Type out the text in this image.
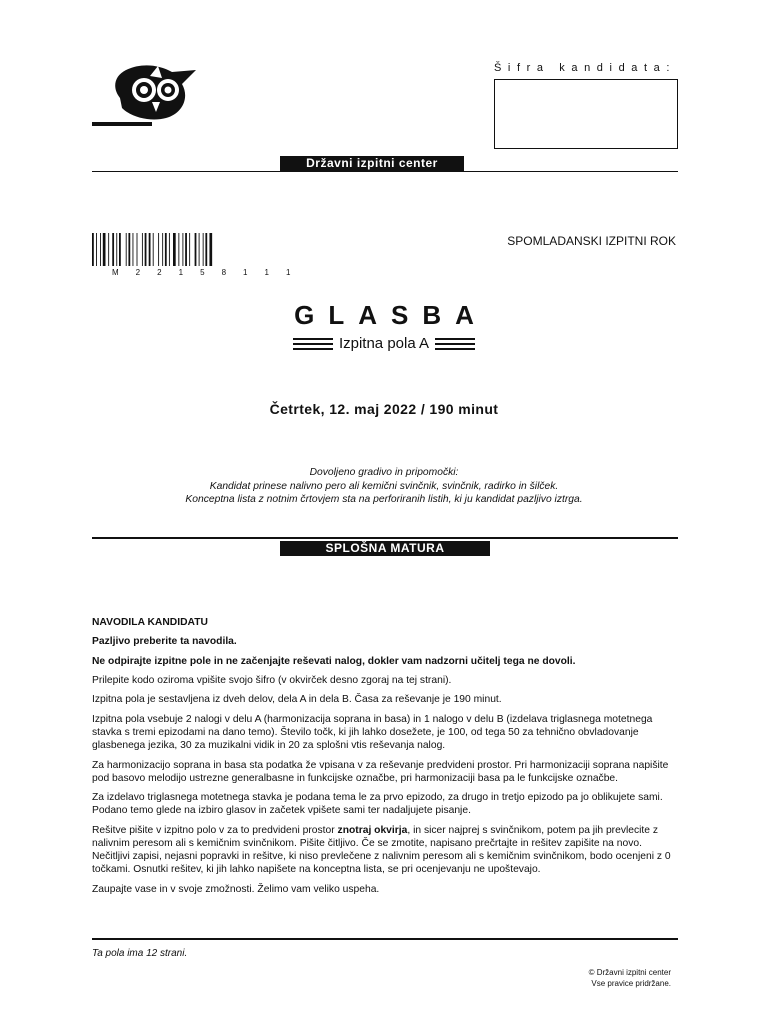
Šifra kandidata:
Državni izpitni center
M 2 2 1 5 8 1 1 1
SPOMLADANSKI IZPITNI ROK
GLASBA
Izpitna pola A
Četrtek, 12. maj 2022 / 190 minut
Dovoljeno gradivo in pripomočki:
Kandidat prinese nalivno pero ali kemični svinčnik, svinčnik, radirko in šilček.
Konceptna lista z notnim črtovjem sta na perforiranih listih, ki ju kandidat pazljivo iztrga.
SPLOŠNA MATURA

NAVODILA KANDIDATU

Pazljivo preberite ta navodila.

Ne odpirajte izpitne pole in ne začenjajte reševati nalog, dokler vam nadzorni učitelj tega ne dovoli.

Prilepite kodo oziroma vpišite svojo šifro (v okvirček desno zgoraj na tej strani).

Izpitna pola je sestavljena iz dveh delov, dela A in dela B. Časa za reševanje je 190 minut.

Izpitna pola vsebuje 2 nalogi v delu A (harmonizacija soprana in basa) in 1 nalogo v delu B (izdelava triglasnega motetnega stavka s tremi epizodami na dano temo). Število točk, ki jih lahko dosežete, je 100, od tega 50 za tehnično obvladovanje glasbenega jezika, 30 za muzikalni vidik in 20 za splošni vtis reševanja nalog.

Za harmonizacijo soprana in basa sta podatka že vpisana v za reševanje predvideni prostor. Pri harmonizaciji soprana napišite pod basovo melodijo ustrezne generalbasne in funkcijske označbe, pri harmonizaciji basa pa le funkcijske označbe.

Za izdelavo triglasnega motetnega stavka je podana tema le za prvo epizodo, za drugo in tretjo epizodo pa jo oblikujete sami. Podano temo glede na izbiro glasov in začetek vpišete sami ter nadaljujete pisanje.

Rešitve pišite v izpitno polo v za to predvideni prostor znotraj okvirja, in sicer najprej s svinčnikom, potem pa jih prevlecite z nalivnim peresom ali s kemičnim svinčnikom. Pišite čitljivo. Če se zmotite, napisano prečrtajte in rešitev zapišite na novo. Nečitljivi zapisi, nejasni popravki in rešitve, ki niso prevlečene z nalivnim peresom ali s kemičnim svinčnikom, bodo ocenjeni z 0 točkami. Osnutki rešitev, ki jih lahko napišete na konceptna lista, se pri ocenjevanju ne upoštevajo.

Zaupajte vase in v svoje zmožnosti. Želimo vam veliko uspeha.

Ta pola ima 12 strani.
© Državni izpitni center
Vse pravice pridržane.
